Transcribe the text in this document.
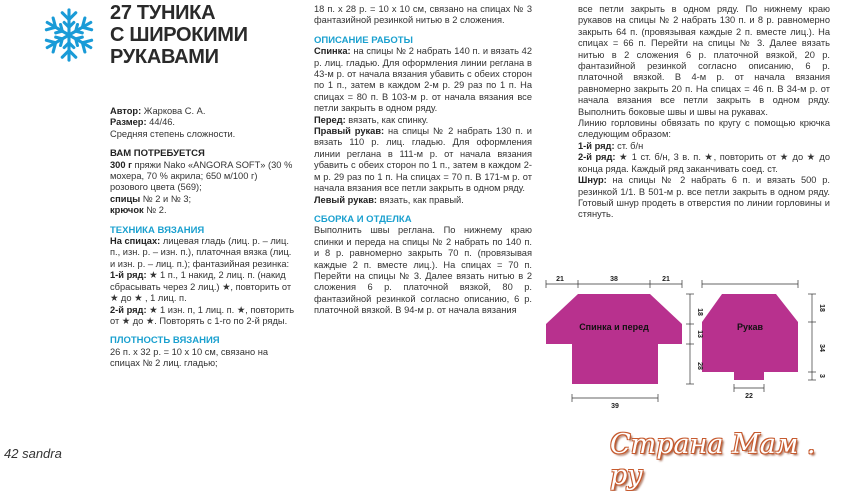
27 ТУНИКА
С ШИРОКИМИ
РУКАВАМИ

Автор: Жаркова С. А.

Размер: 44/46.

Средняя степень сложности.

ВАМ ПОТРЕБУЕТСЯ

300 г пряжи Nako «ANGORA SOFT» (30 % мохера, 70 % акрила; 650 м/100 г) розового цвета (569);

спицы № 2 и № 3;

крючок № 2.

ТЕХНИКА ВЯЗАНИЯ

На спицах: лицевая гладь (лиц. р. – лиц. п., изн. р. – изн. п.), платочная вязка (лиц. и изн. р. – лиц. п.); фантазийная резинка:

1-й ряд: ★ 1 п., 1 накид, 2 лиц. п. (накид сбрасывать через 2 лиц.) ★, повторить от ★ до ★ , 1 лиц. п.

2-й ряд: ★ 1 изн. п, 1 лиц. п. ★, повторить от ★ до ★. Повторять с 1-го по 2-й ряды.

ПЛОТНОСТЬ ВЯЗАНИЯ

26 п. х 32 р. = 10 х 10 см, связано на спицах № 2 лиц. гладью;

18 п. х 28 р. = 10 х 10 см, связано на спицах № 3 фантазийной резинкой нитью в 2 сложения.

ОПИСАНИЕ РАБОТЫ

Спинка: на спицы № 2 набрать 140 п. и вязать 42 р. лиц. гладью. Для оформления линии реглана в 43-м р. от начала вязания убавить с обеих сторон по 1 п., затем в каждом 2-м р. 29 раз по 1 п. На спицах = 80 п. В 103-м р. от начала вязания все петли закрыть в одном ряду.

Перед: вязать, как спинку.

Правый рукав: на спицы № 2 набрать 130 п. и вязать 110 р. лиц. гладью. Для оформления линии реглана в 111-м р. от начала вязания убавить с обеих сторон по 1 п., затем в каждом 2-м р. 29 раз по 1 п. На спицах = 70 п. В 171-м р. от начала вязания все петли закрыть в одном ряду.

Левый рукав: вязать, как правый.

СБОРКА И ОТДЕЛКА

Выполнить швы реглана. По нижнему краю спинки и переда на спицы № 2 набрать по 140 п. и 8 р. равномерно закрыть 70 п. (провязывая каждые 2 п. вместе лиц.). На спицах = 70 п. Перейти на спицы № 3. Далее вязать нитью в 2 сложения 6 р. платочной вязкой, 80 р. фантазийной резинкой согласно описанию, 6 р. платочной вязкой. В 94-м р. от начала вязания

все петли закрыть в одном ряду. По нижнему краю рукавов на спицы № 2 набрать 130 п. и 8 р. равномерно закрыть 64 п. (провязывая каждые 2 п. вместе лиц.). На спицах = 66 п. Перейти на спицы № 3. Далее вязать нитью в 2 сложения 6 р. платочной вязкой, 20 р. фантазийной резинкой согласно описанию, 6 р. платочной вязкой. В 4-м р. от начала вязания равномерно закрыть 20 п. На спицах = 46 п. В 34-м р. от начала вязания все петли закрыть в одном ряду. Выполнить боковые швы и швы на рукавах.

Линию горловины обвязать по кругу с помощью крючка следующим образом:

1-й ряд: ст. б/н

2-й ряд: ★ 1 ст. б/н, 3 в. п. ★, повторить от ★ до ★ до конца ряда. Каждый ряд заканчивать соед. ст.

Шнур: на спицы № 2 набрать 6 п. и вязать 500 р. резинкой 1/1. В 501-м р. все петли закрыть в одном ряду. Готовый шнур продеть в отверстия по линии горловины и стянуть.

Спинка и перед	Рукав
21	38	21
18
13
28
39
18
34
3
22
42 sandra	Страна Мам . ру
